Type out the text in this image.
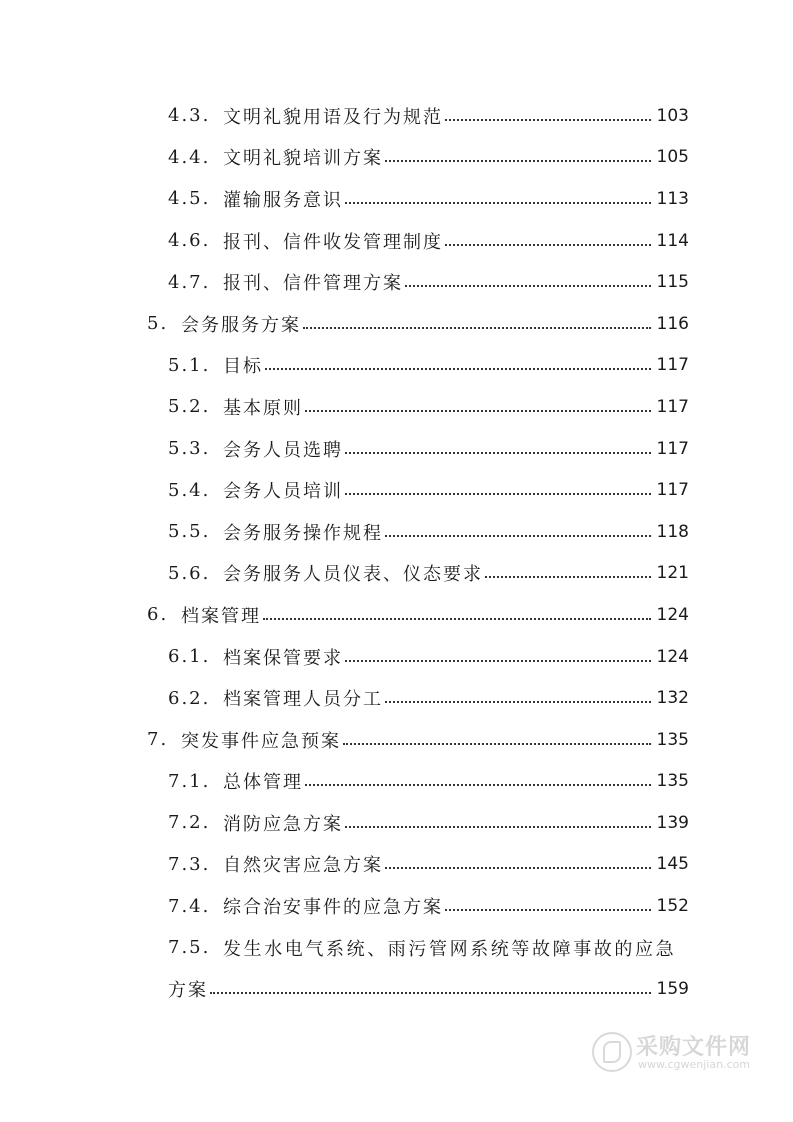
4.3. 文明礼貌用语及行为规范	103
4.4. 文明礼貌培训方案	105
4.5. 灌输服务意识	113
4.6. 报刊、信件收发管理制度	114
4.7. 报刊、信件管理方案	115
5. 会务服务方案	116
5.1. 目标	117
5.2. 基本原则	117
5.3. 会务人员选聘	117
5.4. 会务人员培训	117
5.5. 会务服务操作规程	118
5.6. 会务服务人员仪表、仪态要求	121
6. 档案管理	124
6.1. 档案保管要求	124
6.2. 档案管理人员分工	132
7. 突发事件应急预案	135
7.1. 总体管理	135
7.2. 消防应急方案	139
7.3. 自然灾害应急方案	145
7.4. 综合治安事件的应急方案	152
7.5. 发生水电气系统、雨污管网系统等故障事故的应急
方案	159
采购文件网
www.cgwenjian.com
